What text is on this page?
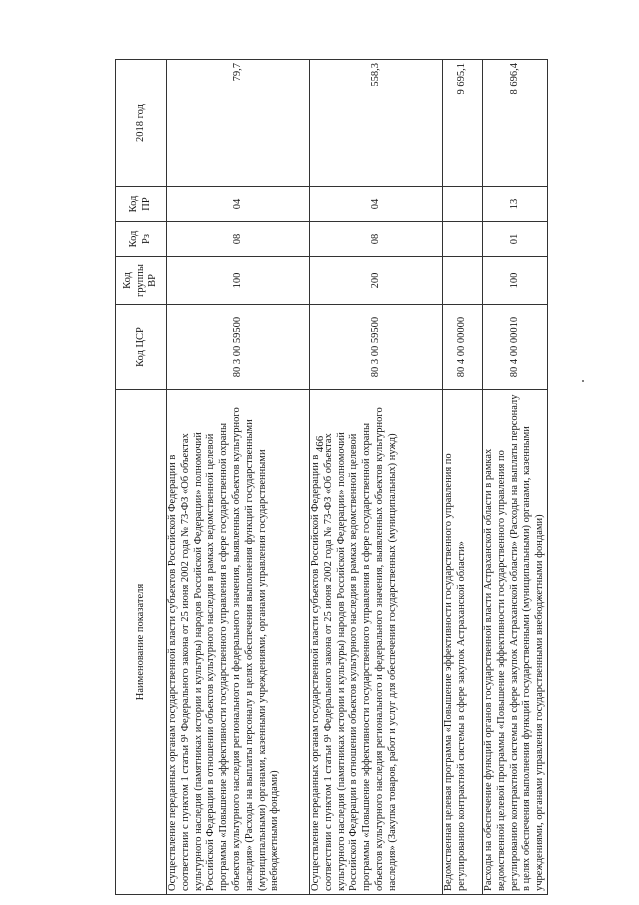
466
Наименование показателя	Код ЦСР	Код группы ВР	Код Рз	Код ПР	2018 год
Осуществление переданных органам государственной власти субъектов Российской Федерации в соответствии с пунктом 1 статьи 9¹ Федерального закона от 25 июня 2002 года № 73-ФЗ «Об объектах культурного наследия (памятниках истории и культуры) народов Российской Федерации» полномочий Российской Федерации в отношении объектов культурного наследия в рамках ведомственной целевой программы «Повышение эффективности государственного управления в сфере государственной охраны объектов культурного наследия регионального и федерального значения, выявленных объектов культурного наследия» (Расходы на выплаты персоналу в целях обеспечения выполнения функций государственными (муниципальными) органами, казенными учреждениями, органами управления государственными внебюджетными фондами)	80 3 00 59500	100	08	04	79,7
Осуществление переданных органам государственной власти субъектов Российской Федерации в соответствии с пунктом 1 статьи 9¹ Федерального закона от 25 июня 2002 года № 73-ФЗ «Об объектах культурного наследия (памятниках истории и культуры) народов Российской Федерации» полномочий Российской Федерации в отношении объектов культурного наследия в рамках ведомственной целевой программы «Повышение эффективности государственного управления в сфере государственной охраны объектов культурного наследия регионального и федерального значения, выявленных объектов культурного наследия» (Закупка товаров, работ и услуг для обеспечения государственных (муниципальных) нужд)	80 3 00 59500	200	08	04	558,3
Ведомственная целевая программа «Повышение эффективности государственного управления по регулированию контрактной системы в сфере закупок Астраханской области»	80 4 00 00000				9 695,1
Расходы на обеспечение функций органов государственной власти Астраханской области в рамках ведомственной целевой программы «Повышение эффективности государственного управления по регулированию контрактной системы в сфере закупок Астраханской области» (Расходы на выплаты персоналу в целях обеспечения выполнения функций государственными (муниципальными) органами, казенными учреждениями, органами управления государственными внебюджетными фондами)	80 4 00 00010	100	01	13	8 696,4
